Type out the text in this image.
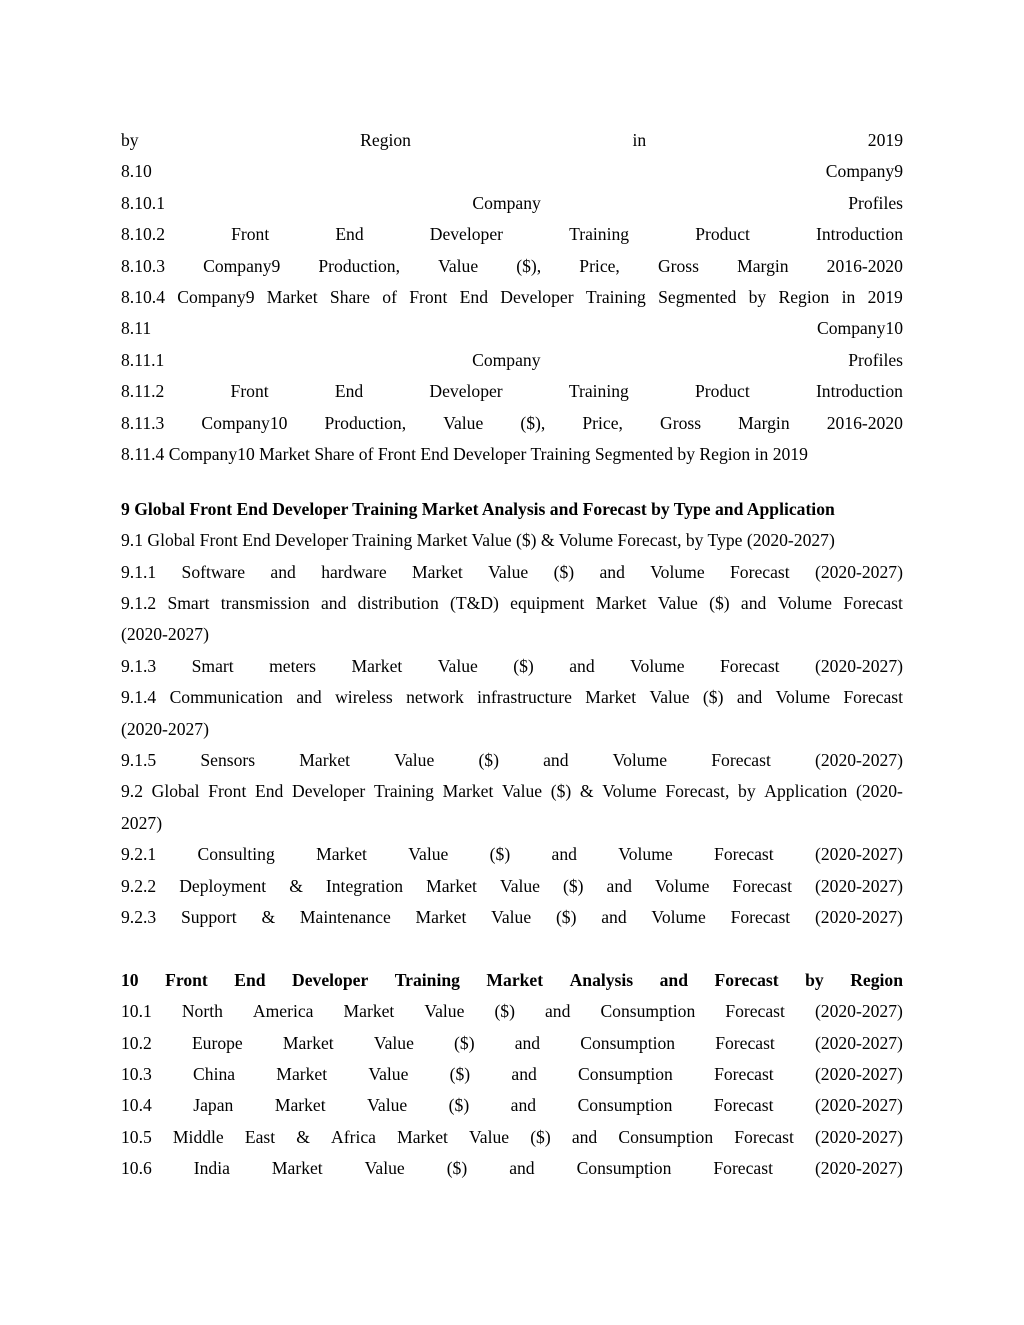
by	Region	in	2019
8.10	Company9
8.10.1	Company	Profiles
8.10.2	Front	End	Developer	Training	Product	Introduction
8.10.3 Company9 Production, Value ($), Price, Gross Margin 2016-2020
8.10.4 Company9 Market Share of Front End Developer Training Segmented by Region in 2019
8.11	Company10
8.11.1	Company	Profiles
8.11.2	Front	End	Developer	Training	Product	Introduction
8.11.3 Company10 Production, Value ($), Price, Gross Margin 2016-2020
8.11.4 Company10 Market Share of Front End Developer Training Segmented by Region in 2019
9 Global Front End Developer Training Market Analysis and Forecast by Type and Application
9.1 Global Front End Developer Training Market Value ($) & Volume Forecast, by Type (2020-2027)
9.1.1 Software and hardware Market Value ($) and Volume Forecast (2020-2027)
9.1.2 Smart transmission and distribution (T&D) equipment Market Value ($) and Volume Forecast
(2020-2027)
9.1.3 Smart meters Market Value ($) and Volume Forecast (2020-2027)
9.1.4 Communication and wireless network infrastructure Market Value ($) and Volume Forecast
(2020-2027)
9.1.5	Sensors	Market	Value	($)	and	Volume	Forecast	(2020-2027)
9.2 Global Front End Developer Training Market Value ($) & Volume Forecast, by Application (2020-
2027)
9.2.1 Consulting Market Value ($) and Volume Forecast (2020-2027)
9.2.2 Deployment & Integration Market Value ($) and Volume Forecast (2020-2027)
9.2.3 Support & Maintenance Market Value ($) and Volume Forecast (2020-2027)
10 Front End Developer Training Market Analysis and Forecast by Region
10.1 North America Market Value ($) and Consumption Forecast (2020-2027)
10.2 Europe Market Value ($) and Consumption Forecast (2020-2027)
10.3 China Market Value ($) and Consumption Forecast (2020-2027)
10.4 Japan Market Value ($) and Consumption Forecast (2020-2027)
10.5 Middle East & Africa Market Value ($) and Consumption Forecast (2020-2027)
10.6 India Market Value ($) and Consumption Forecast (2020-2027)
